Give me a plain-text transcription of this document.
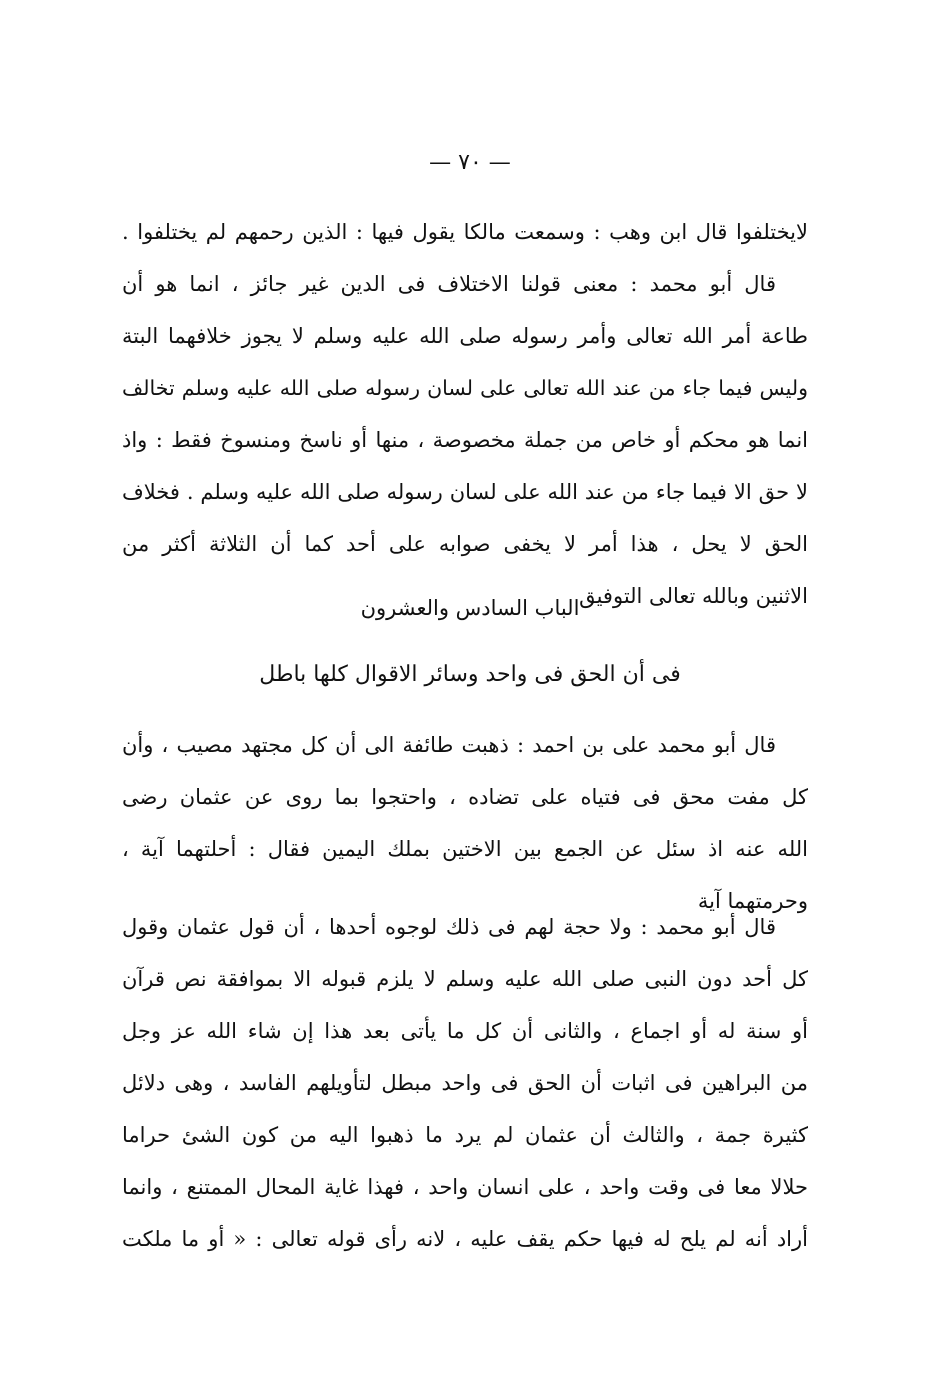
— ٧٠ —
لايختلفوا قال ابن وهب : وسمعت مالكا يقول فيها : الذين رحمهم لم يختلفوا .
قال أبو محمد : معنى قولنا الاختلاف فى الدين غير جائز ، انما هو أن
طاعة أمر الله تعالى وأمر رسوله صلى الله عليه وسلم لا يجوز خلافهما البتة
وليس فيما جاء من عند الله تعالى على لسان رسوله صلى الله عليه وسلم تخالف
انما هو محكم أو خاص من جملة مخصوصة ، منها أو ناسخ ومنسوخ فقط : واذ
لا حق الا فيما جاء من عند الله على لسان رسوله صلى الله عليه وسلم . فخلاف
الحق لا يحل ، هذا أمر لا يخفى صوابه على أحد كما أن الثلاثة أكثر من
الاثنين وبالله تعالى التوفيق
الباب السادس والعشرون
فى أن الحق فى واحد وسائر الاقوال كلها باطل
قال أبو محمد على بن احمد : ذهبت طائفة الى أن كل مجتهد مصيب ، وأن
كل مفت محق فى فتياه على تضاده ، واحتجوا بما روى عن عثمان رضى
الله عنه اذ سئل عن الجمع بين الاختين بملك اليمين فقال : أحلتهما آية ،
وحرمتهما آية
قال أبو محمد : ولا حجة لهم فى ذلك لوجوه أحدها ، أن قول عثمان وقول
كل أحد دون النبى صلى الله عليه وسلم لا يلزم قبوله الا بموافقة نص قرآن
أو سنة له أو اجماع ، والثانى أن كل ما يأتى بعد هذا إن شاء الله عز وجل
من البراهين فى اثبات أن الحق فى واحد مبطل لتأويلهم الفاسد ، وهى دلائل
كثيرة جمة ، والثالث أن عثمان لم يرد ما ذهبوا اليه من كون الشئ حراما
حلالا معا فى وقت واحد ، على انسان واحد ، فهذا غاية المحال الممتنع ، وانما
أراد أنه لم يلح له فيها حكم يقف عليه ، لانه رأى قوله تعالى : « أو ما ملكت
